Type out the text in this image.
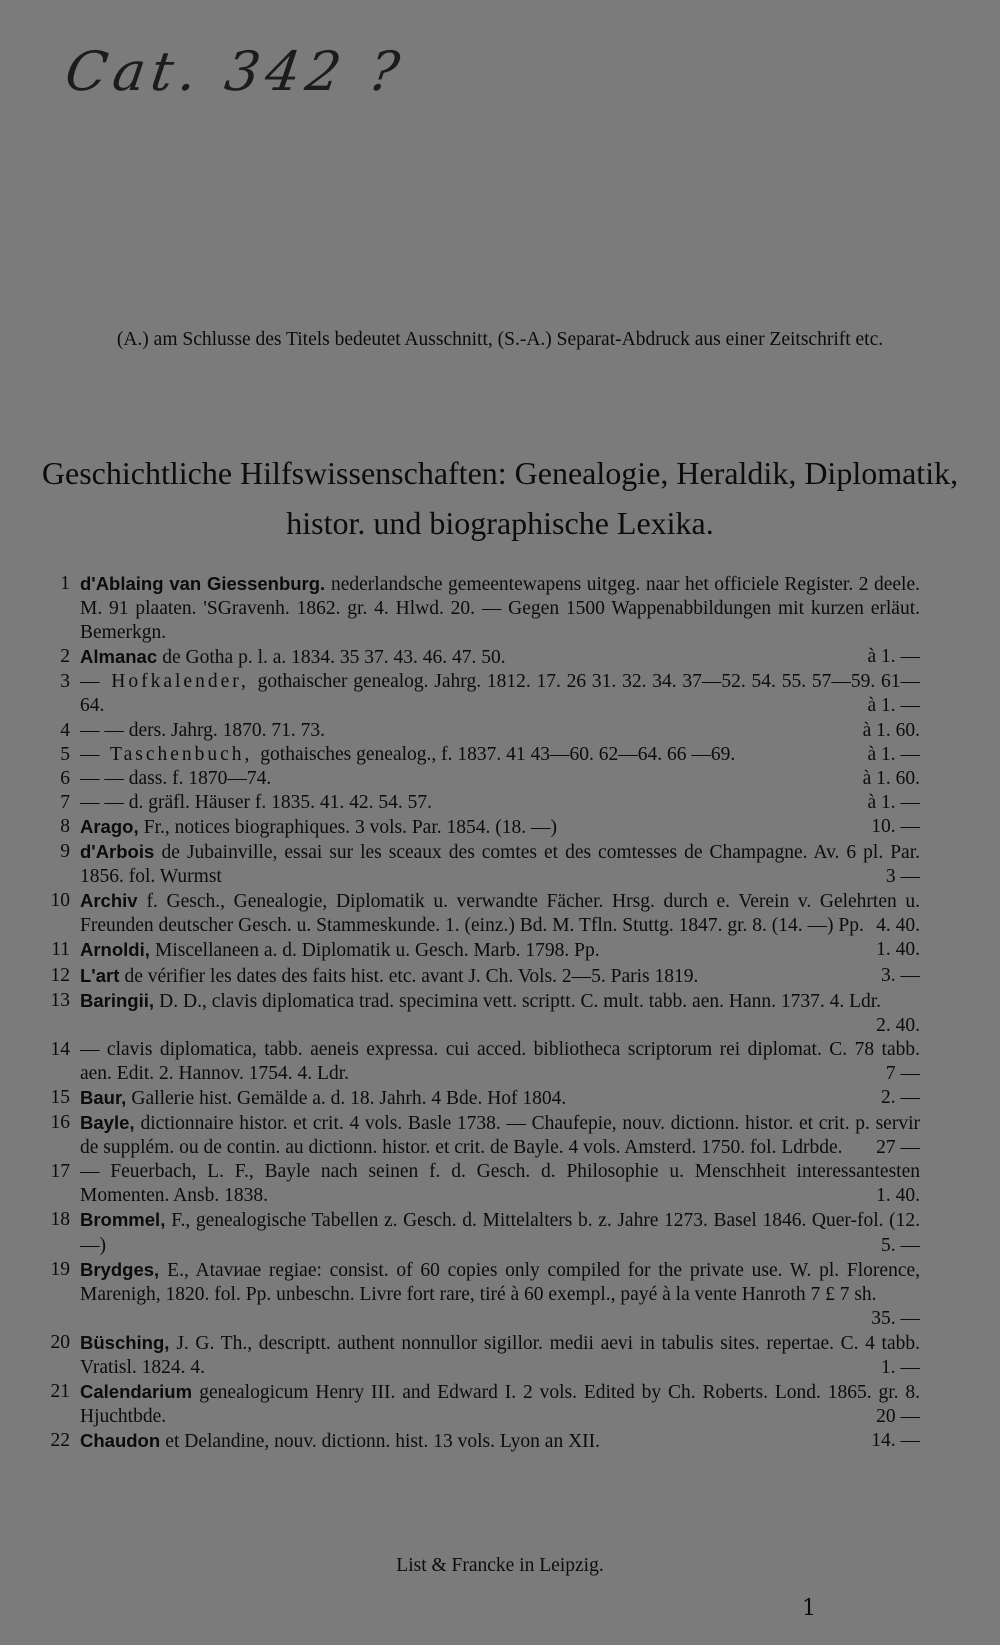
Cat. 342 ?
(A.) am Schlusse des Titels bedeutet Ausschnitt, (S.-A.) Separat-Abdruck aus einer Zeitschrift etc.
Geschichtliche Hilfswissenschaften: Genealogie, Heraldik, Diplomatik, histor. und biographische Lexika.
1 d'Ablaing van Giessenburg. nederlandsche gemeentewapens uitgeg. naar het officiele Register. 2 deele. M. 91 plaaten. 'SGravenh. 1862. gr. 4. Hlwd. 20. — Gegen 1500 Wappenabbildungen mit kurzen erläut. Bemerkgn.
2 Almanac de Gotha p. l. a. 1834. 35 37. 43. 46. 47. 50.	à 1. —
3 — Hofkalender, gothaischer genealog. Jahrg. 1812. 17. 26 31. 32. 34. 37—52. 54. 55. 57—59. 61—64.	à 1. —
4 — — ders. Jahrg. 1870. 71. 73.	à 1. 60.
5 — Taschenbuch, gothaisches genealog., f. 1837. 41 43—60. 62—64. 66 —69.	à 1. —
6 — — dass. f. 1870—74.	à 1. 60.
7 — — d. gräfl. Häuser f. 1835. 41. 42. 54. 57.	à 1. —
8 Arago, Fr., notices biographiques. 3 vols. Par. 1854. (18. —)	10. —
9 d'Arbois de Jubainville, essai sur les sceaux des comtes et des comtesses de Champagne. Av. 6 pl. Par. 1856. fol. Wurmst	3 —
10 Archiv f. Gesch., Genealogie, Diplomatik u. verwandte Fächer. Hrsg. durch e. Verein v. Gelehrten u. Freunden deutscher Gesch. u. Stammeskunde. 1. (einz.) Bd. M. Tfln. Stuttg. 1847. gr. 8. (14. —) Pp. 4. 40.
11 Arnoldi, Miscellaneen a. d. Diplomatik u. Gesch. Marb. 1798. Pp.	1. 40.
12 L'art de vérifier les dates des faits hist. etc. avant J. Ch. Vols. 2—5. Paris 1819.	3. —
13 Baringii, D. D., clavis diplomatica trad. specimina vett. scriptt. C. mult. tabb. aen. Hann. 1737. 4. Ldr.
2. 40.
14 — clavis diplomatica, tabb. aeneis expressa. cui acced. bibliotheca scriptorum rei diplomat. C. 78 tabb. aen. Edit. 2. Hannov. 1754. 4. Ldr.	7 —
15 Baur, Gallerie hist. Gemälde a. d. 18. Jahrh. 4 Bde. Hof 1804.	2. —
16 Bayle, dictionnaire histor. et crit. 4 vols. Basle 1738. — Chaufepie, nouv. dictionn. histor. et crit. p. servir de supplém. ou de contin. au dictionn. histor. et crit. de Bayle. 4 vols. Amsterd. 1750. fol. Ldrbde.	27 —
17 — Feuerbach, L. F., Bayle nach seinen f. d. Gesch. d. Philosophie u. Menschheit interessantesten Momenten. Ansb. 1838.	1. 40.
18 Brommel, F., genealogische Tabellen z. Gesch. d. Mittelalters b. z. Jahre 1273. Basel 1846. Quer-fol. (12. —)	5. —
19 Brydges, E., Atavиae regiae: consist. of 60 copies only compiled for the private use. W. pl. Florence, Marenigh, 1820. fol. Pp. unbeschn. Livre fort rare, tiré à 60 exempl., payé à la vente Hanroth 7 £ 7 sh.
35. —
20 Büsching, J. G. Th., descriptt. authent nonnullor sigillor. medii aevi in tabulis sites. repertae. C. 4 tabb. Vratisl. 1824. 4.	1. —
21 Calendarium genealogicum Henry III. and Edward I. 2 vols. Edited by Ch. Roberts. Lond. 1865. gr. 8. Hjuchtbde.	20 —
22 Chaudon et Delandine, nouv. dictionn. hist. 13 vols. Lyon an XII.	14. —
List & Francke in Leipzig.
1
